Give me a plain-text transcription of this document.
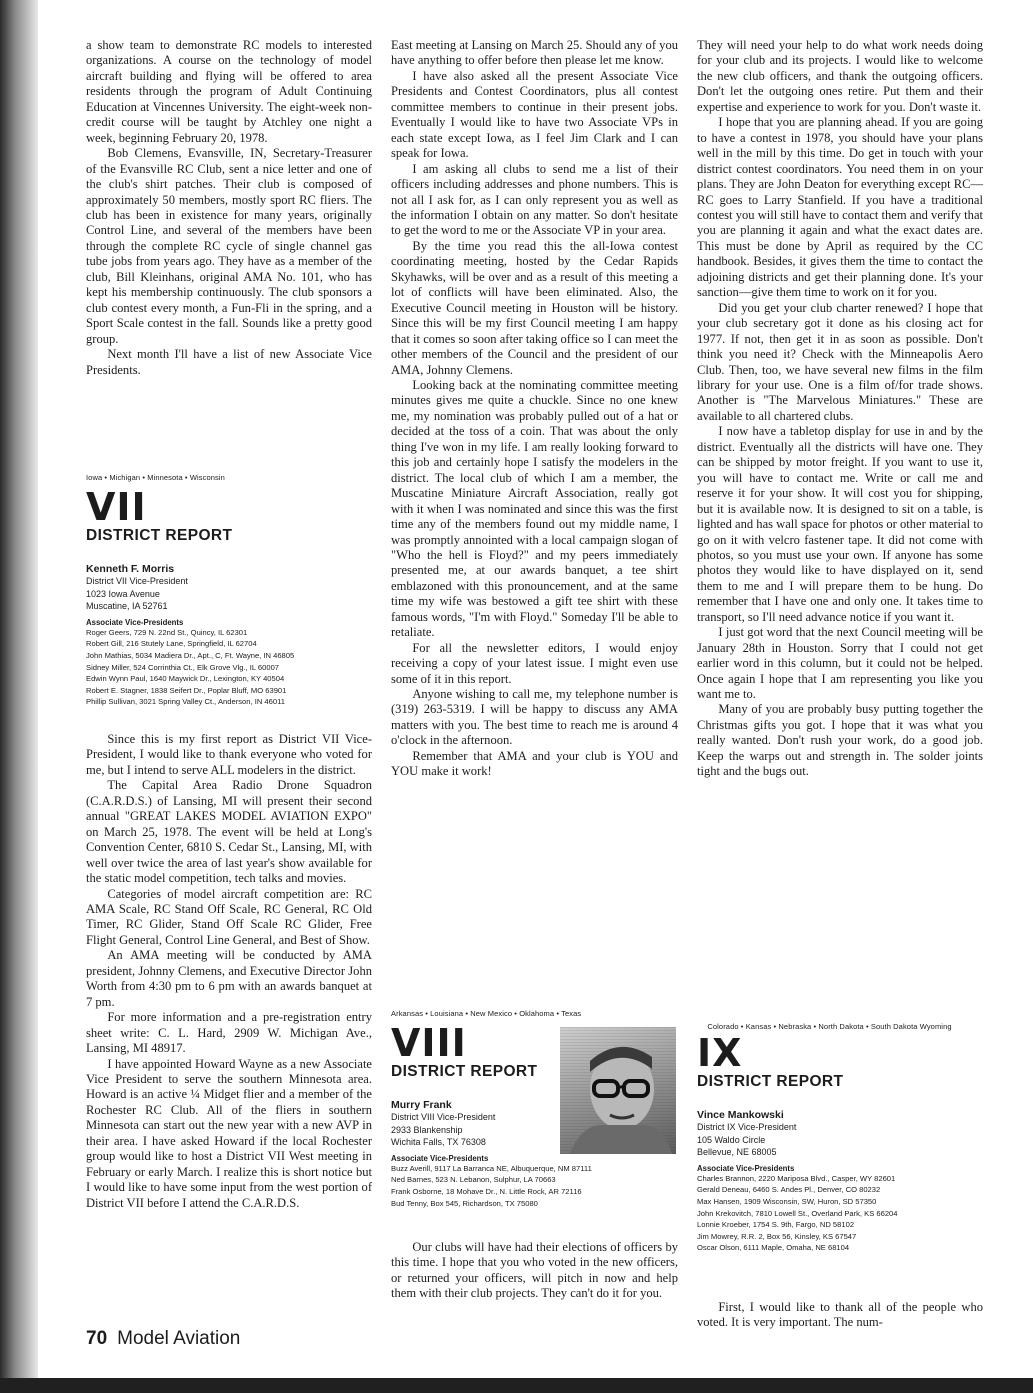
a show team to demonstrate RC models to interested organizations. A course on the technology of model aircraft building and flying will be offered to area residents through the program of Adult Continuing Education at Vincennes University. The eight-week non-credit course will be taught by Atchley one night a week, beginning February 20, 1978.

Bob Clemens, Evansville, IN, Secretary-Treasurer of the Evansville RC Club, sent a nice letter and one of the club's shirt patches. Their club is composed of approximately 50 members, mostly sport RC fliers. The club has been in existence for many years, originally Control Line, and several of the members have been through the complete RC cycle of single channel gas tube jobs from years ago. They have as a member of the club, Bill Kleinhans, original AMA No. 101, who has kept his membership continuously. The club sponsors a club contest every month, a Fun-Fli in the spring, and a Sport Scale contest in the fall. Sounds like a pretty good group.

Next month I'll have a list of new Associate Vice Presidents.

Iowa • Michigan • Minnesota • Wisconsin
VII
DISTRICT REPORT
Kenneth F. Morris
District VII Vice-President
1023 Iowa Avenue
Muscatine, IA 52761
Associate Vice-Presidents
Roger Geers, 729 N. 22nd St., Quincy, IL 62301
Robert Gill, 216 Stutely Lane, Springfield, IL 62704
John Mathias, 5034 Madiera Dr., Apt., C, Ft. Wayne, IN 46805
Sidney Miller, 524 Corrinthia Ct., Elk Grove Vlg., IL 60007
Edwin Wynn Paul, 1640 Maywick Dr., Lexington, KY 40504
Robert E. Stagner, 1838 Seifert Dr., Poplar Bluff, MO 63901
Phillip Sullivan, 3021 Spring Valley Ct., Anderson, IN 46011

Since this is my first report as District VII Vice-President, I would like to thank everyone who voted for me, but I intend to serve ALL modelers in the district.

The Capital Area Radio Drone Squadron (C.A.R.D.S.) of Lansing, MI will present their second annual "GREAT LAKES MODEL AVIATION EXPO" on March 25, 1978. The event will be held at Long's Convention Center, 6810 S. Cedar St., Lansing, MI, with well over twice the area of last year's show available for the static model competition, tech talks and movies.

Categories of model aircraft competition are: RC AMA Scale, RC Stand Off Scale, RC General, RC Old Timer, RC Glider, Stand Off Scale RC Glider, Free Flight General, Control Line General, and Best of Show.

An AMA meeting will be conducted by AMA president, Johnny Clemens, and Executive Director John Worth from 4:30 pm to 6 pm with an awards banquet at 7 pm.

For more information and a pre-registration entry sheet write: C. L. Hard, 2909 W. Michigan Ave., Lansing, MI 48917.

I have appointed Howard Wayne as a new Associate Vice President to serve the southern Minnesota area. Howard is an active ¼ Midget flier and a member of the Rochester RC Club. All of the fliers in southern Minnesota can start out the new year with a new AVP in their area. I have asked Howard if the local Rochester group would like to host a District VII West meeting in February or early March. I realize this is short notice but I would like to have some input from the west portion of District VII before I attend the C.A.R.D.S.

East meeting at Lansing on March 25. Should any of you have anything to offer before then please let me know.

I have also asked all the present Associate Vice Presidents and Contest Coordinators, plus all contest committee members to continue in their present jobs. Eventually I would like to have two Associate VPs in each state except Iowa, as I feel Jim Clark and I can speak for Iowa.

I am asking all clubs to send me a list of their officers including addresses and phone numbers. This is not all I ask for, as I can only represent you as well as the information I obtain on any matter. So don't hesitate to get the word to me or the Associate VP in your area.

By the time you read this the all-Iowa contest coordinating meeting, hosted by the Cedar Rapids Skyhawks, will be over and as a result of this meeting a lot of conflicts will have been eliminated. Also, the Executive Council meeting in Houston will be history. Since this will be my first Council meeting I am happy that it comes so soon after taking office so I can meet the other members of the Council and the president of our AMA, Johnny Clemens.

Looking back at the nominating committee meeting minutes gives me quite a chuckle. Since no one knew me, my nomination was probably pulled out of a hat or decided at the toss of a coin. That was about the only thing I've won in my life. I am really looking forward to this job and certainly hope I satisfy the modelers in the district. The local club of which I am a member, the Muscatine Miniature Aircraft Association, really got with it when I was nominated and since this was the first time any of the members found out my middle name, I was promptly annointed with a local campaign slogan of "Who the hell is Floyd?" and my peers immediately presented me, at our awards banquet, a tee shirt emblazoned with this pronouncement, and at the same time my wife was bestowed a gift tee shirt with these famous words, "I'm with Floyd." Someday I'll be able to retaliate.

For all the newsletter editors, I would enjoy receiving a copy of your latest issue. I might even use some of it in this report.

Anyone wishing to call me, my telephone number is (319) 263-5319. I will be happy to discuss any AMA matters with you. The best time to reach me is around 4 o'clock in the afternoon.

Remember that AMA and your club is YOU and YOU make it work!

Arkansas • Louisiana • New Mexico • Oklahoma • Texas
VIII
DISTRICT REPORT
Murry Frank
District VIII Vice-President
2933 Blankenship
Wichita Falls, TX 76308
Associate Vice-Presidents
Buzz Averill, 9117 La Barranca NE, Albuquerque, NM 87111
Ned Barnes, 523 N. Lebanon, Sulphur, LA 70663
Frank Osborne, 18 Mohave Dr., N. Little Rock, AR 72116
Bud Tenny, Box 545, Richardson, TX 75080

Our clubs will have had their elections of officers by this time. I hope that you who voted in the new officers, or returned your officers, will pitch in now and help them with their club projects. They can't do it for you.

They will need your help to do what work needs doing for your club and its projects. I would like to welcome the new club officers, and thank the outgoing officers. Don't let the outgoing ones retire. Put them and their expertise and experience to work for you. Don't waste it.

I hope that you are planning ahead. If you are going to have a contest in 1978, you should have your plans well in the mill by this time. Do get in touch with your district contest coordinators. You need them in on your plans. They are John Deaton for everything except RC—RC goes to Larry Stanfield. If you have a traditional contest you will still have to contact them and verify that you are planning it again and what the exact dates are. This must be done by April as required by the CC handbook. Besides, it gives them the time to contact the adjoining districts and get their planning done. It's your sanction—give them time to work on it for you.

Did you get your club charter renewed? I hope that your club secretary got it done as his closing act for 1977. If not, then get it in as soon as possible. Don't think you need it? Check with the Minneapolis Aero Club. Then, too, we have several new films in the film library for your use. One is a film of/for trade shows. Another is "The Marvelous Miniatures." These are available to all chartered clubs.

I now have a tabletop display for use in and by the district. Eventually all the districts will have one. They can be shipped by motor freight. If you want to use it, you will have to contact me. Write or call me and reserve it for your show. It will cost you for shipping, but it is available now. It is designed to sit on a table, is lighted and has wall space for photos or other material to go on it with velcro fastener tape. It did not come with photos, so you must use your own. If anyone has some photos they would like to have displayed on it, send them to me and I will prepare them to be hung. Do remember that I have one and only one. It takes time to transport, so I'll need advance notice if you want it.

I just got word that the next Council meeting will be January 28th in Houston. Sorry that I could not get earlier word in this column, but it could not be helped. Once again I hope that I am representing you like you want me to.

Many of you are probably busy putting together the Christmas gifts you got. I hope that it was what you really wanted. Don't rush your work, do a good job. Keep the warps out and strength in. The solder joints tight and the bugs out.

Colorado • Kansas • Nebraska • North Dakota • South Dakota Wyoming
IX
DISTRICT REPORT
Vince Mankowski
District IX Vice-President
105 Waldo Circle
Bellevue, NE 68005
Associate Vice-Presidents
Charles Brannon, 2220 Mariposa Blvd., Casper, WY 82601
Gerald Deneau, 6460 S. Andes Pl., Denver, CO 80232
Max Hansen, 1909 Wisconsin, SW, Huron, SD 57350
John Krekovitch, 7810 Lowell St., Overland Park, KS 66204
Lonnie Kroeber, 1754 S. 9th, Fargo, ND 58102
Jim Mowrey, R.R. 2, Box 56, Kinsley, KS 67547
Oscar Olson, 6111 Maple, Omaha, NE 68104

First, I would like to thank all of the people who voted. It is very important. The num-

70 Model Aviation
